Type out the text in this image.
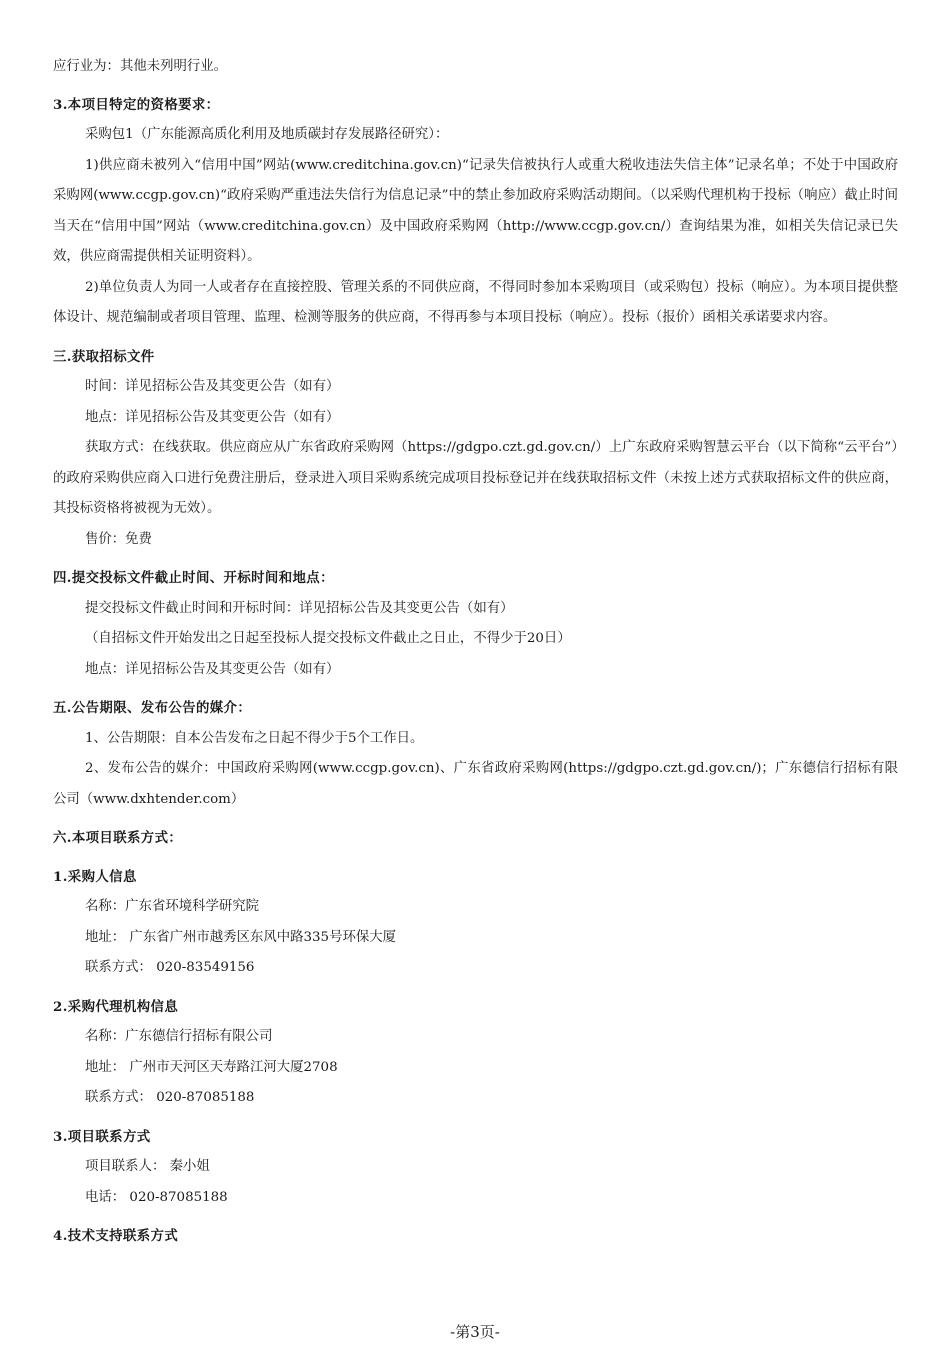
应行业为：其他未列明行业。
3.本项目特定的资格要求：
采购包1（广东能源高质化利用及地质碳封存发展路径研究）：
1)供应商未被列入“信用中国”网站(www.creditchina.gov.cn)“记录失信被执行人或重大税收违法失信主体”记录名单；不处于中国政府采购网(www.ccgp.gov.cn)“政府采购严重违法失信行为信息记录”中的禁止参加政府采购活动期间。（以采购代理机构于投标（响应）截止时间当天在“信用中国”网站（www.creditchina.gov.cn）及中国政府采购网（http://www.ccgp.gov.cn/）查询结果为准，如相关失信记录已失效，供应商需提供相关证明资料）。
2)单位负责人为同一人或者存在直接控股、管理关系的不同供应商，不得同时参加本采购项目（或采购包）投标（响应）。为本项目提供整体设计、规范编制或者项目管理、监理、检测等服务的供应商，不得再参与本项目投标（响应）。投标（报价）函相关承诺要求内容。
三.获取招标文件
时间：详见招标公告及其变更公告（如有）
地点：详见招标公告及其变更公告（如有）
获取方式：在线获取。供应商应从广东省政府采购网（https://gdgpo.czt.gd.gov.cn/）上广东政府采购智慧云平台（以下简称“云平台”）的政府采购供应商入口进行免费注册后，登录进入项目采购系统完成项目投标登记并在线获取招标文件（未按上述方式获取招标文件的供应商，其投标资格将被视为无效）。
售价：免费
四.提交投标文件截止时间、开标时间和地点：
提交投标文件截止时间和开标时间：详见招标公告及其变更公告（如有）
（自招标文件开始发出之日起至投标人提交投标文件截止之日止，不得少于20日）
地点：详见招标公告及其变更公告（如有）
五.公告期限、发布公告的媒介：
1、公告期限：自本公告发布之日起不得少于5个工作日。
2、发布公告的媒介：中国政府采购网(www.ccgp.gov.cn)、广东省政府采购网(https://gdgpo.czt.gd.gov.cn/)；广东德信行招标有限公司（www.dxhtender.com）
六.本项目联系方式：
1.采购人信息
名称：广东省环境科学研究院
地址： 广东省广州市越秀区东风中路335号环保大厦
联系方式： 020-83549156
2.采购代理机构信息
名称：广东德信行招标有限公司
地址： 广州市天河区天寿路江河大厦2708
联系方式： 020-87085188
3.项目联系方式
项目联系人： 秦小姐
电话： 020-87085188
4.技术支持联系方式
-第3页-
